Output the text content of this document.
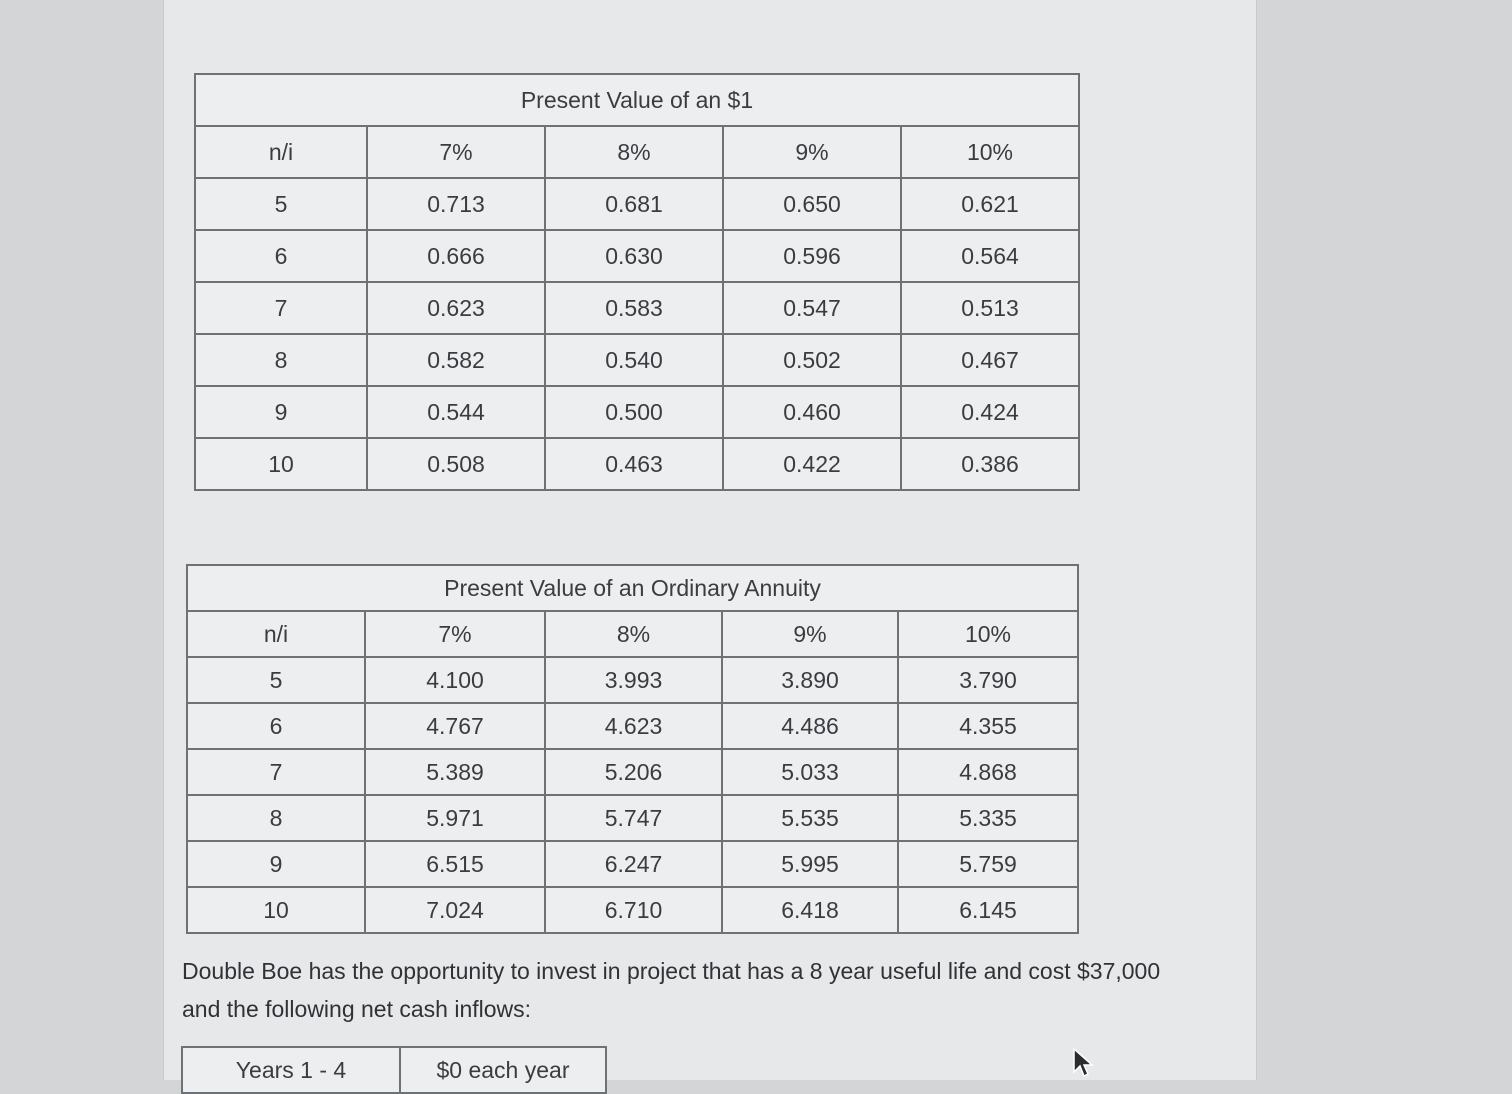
Present Value of an $1				
n/i	7%	8%	9%	10%
5	0.713	0.681	0.650	0.621
6	0.666	0.630	0.596	0.564
7	0.623	0.583	0.547	0.513
8	0.582	0.540	0.502	0.467
9	0.544	0.500	0.460	0.424
10	0.508	0.463	0.422	0.386
Present Value of an Ordinary Annuity				
n/i	7%	8%	9%	10%
5	4.100	3.993	3.890	3.790
6	4.767	4.623	4.486	4.355
7	5.389	5.206	5.033	4.868
8	5.971	5.747	5.535	5.335
9	6.515	6.247	5.995	5.759
10	7.024	6.710	6.418	6.145
Double Boe has the opportunity to invest in project that has a 8 year useful life and cost $37,000 and the following net cash inflows:
Years 1 - 4	$0 each year
